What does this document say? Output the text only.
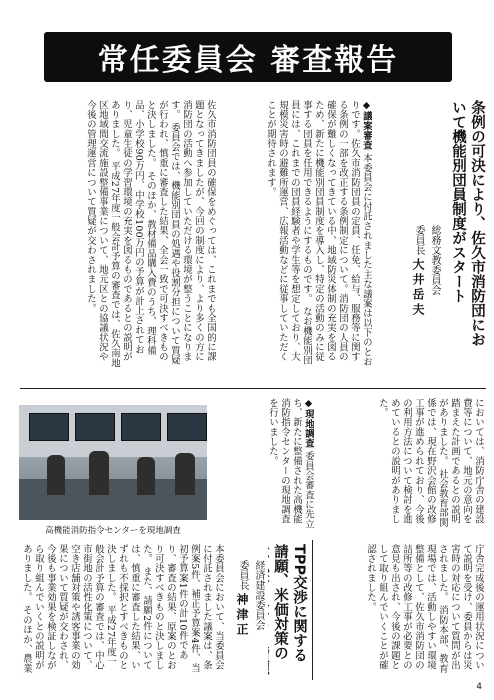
常任委員会 審査報告
条例の可決により、佐久市消防団にお
いて機能別団員制度がスタート
総務文教委員会
委員長 大井岳夫
◆議案審査 本委員会に付託されました主な議案は以下のとおりです。佐久市消防団員の定員、任免、給与、服務等に関する条例の一部を改正する条例制定について。消防団の人員の確保が難しくなってきている中、地域防災体制の充実を図るため、新たに機能別団員制度を導入し、特定の活動のみに従事する団員を任用できるようにするものです。 なお機能別団員には、これまでの団員経験者や学生等を想定しており、大規模災害時の避難所運営、広報活動などに従事していただくことが期待されます。
佐久市消防団員の確保をめぐっては、これまでも全国的に課題となってきましたが、今回の制度により、より多くの方に消防団の活動へ参加していただける環境が整うことになります。 委員会では、機能別団員の処遇や役割分担について質疑が行われ、慎重に審査した結果、全会一致で可決すべきものと決しました。 そのほか、教材備品購入費のうち、理科備品、小学校90万円、中学校100万円の予算が計上されており、児童生徒の学習環境の充実を図るものであるとの説明がありました。 平成27年度一般会計予算の審査では、佐久南地区地域間交流施設整備事業について、地元区との協議状況や今後の管理運営について質疑が交わされました。
においては、消防庁舎の建設費等について、地元の意向を踏まえた計画であるとの説明がありました。 社会教育部関係では、現在野沢会館の改修工事が進められており、今後の利用方法について検討を進めているとの説明がありました。
◆現地調査 委員会審査に先立ち、新たに整備された高機能消防指令センターの現地調査を行いました。
庁舎完成後の運用状況について説明を受け、委員からは災害時の対応について質問が出されました。 消防本部、教育現場では、活動しやすい環境整備として、佐久市消防団の詰所等の改修工事が必要との意見も出され、今後の課題として取り組んでいくことが確認されました。
高機能消防指令センターを現地調査
TPP交渉に関する請願、米価対策の

経済建設委員会
委員長 神津正
本委員会において、当委員会に付託されました議案は、条例案5件、補正予算案4件、当初予算案1件の計10件であり、審査の結果、原案のとおり可決すべきものと決しました。 また、請願2件については、慎重に審査した結果、いずれも不採択とすべきものと決しました。 平成27年度一般会計予算の審査では、中心市街地の活性化策について、空き店舗対策や誘客事業の効果について質疑が交わされ、今後も事業効果を検証しながら取り組んでいくとの説明がありました。 そのほか、農業
4
